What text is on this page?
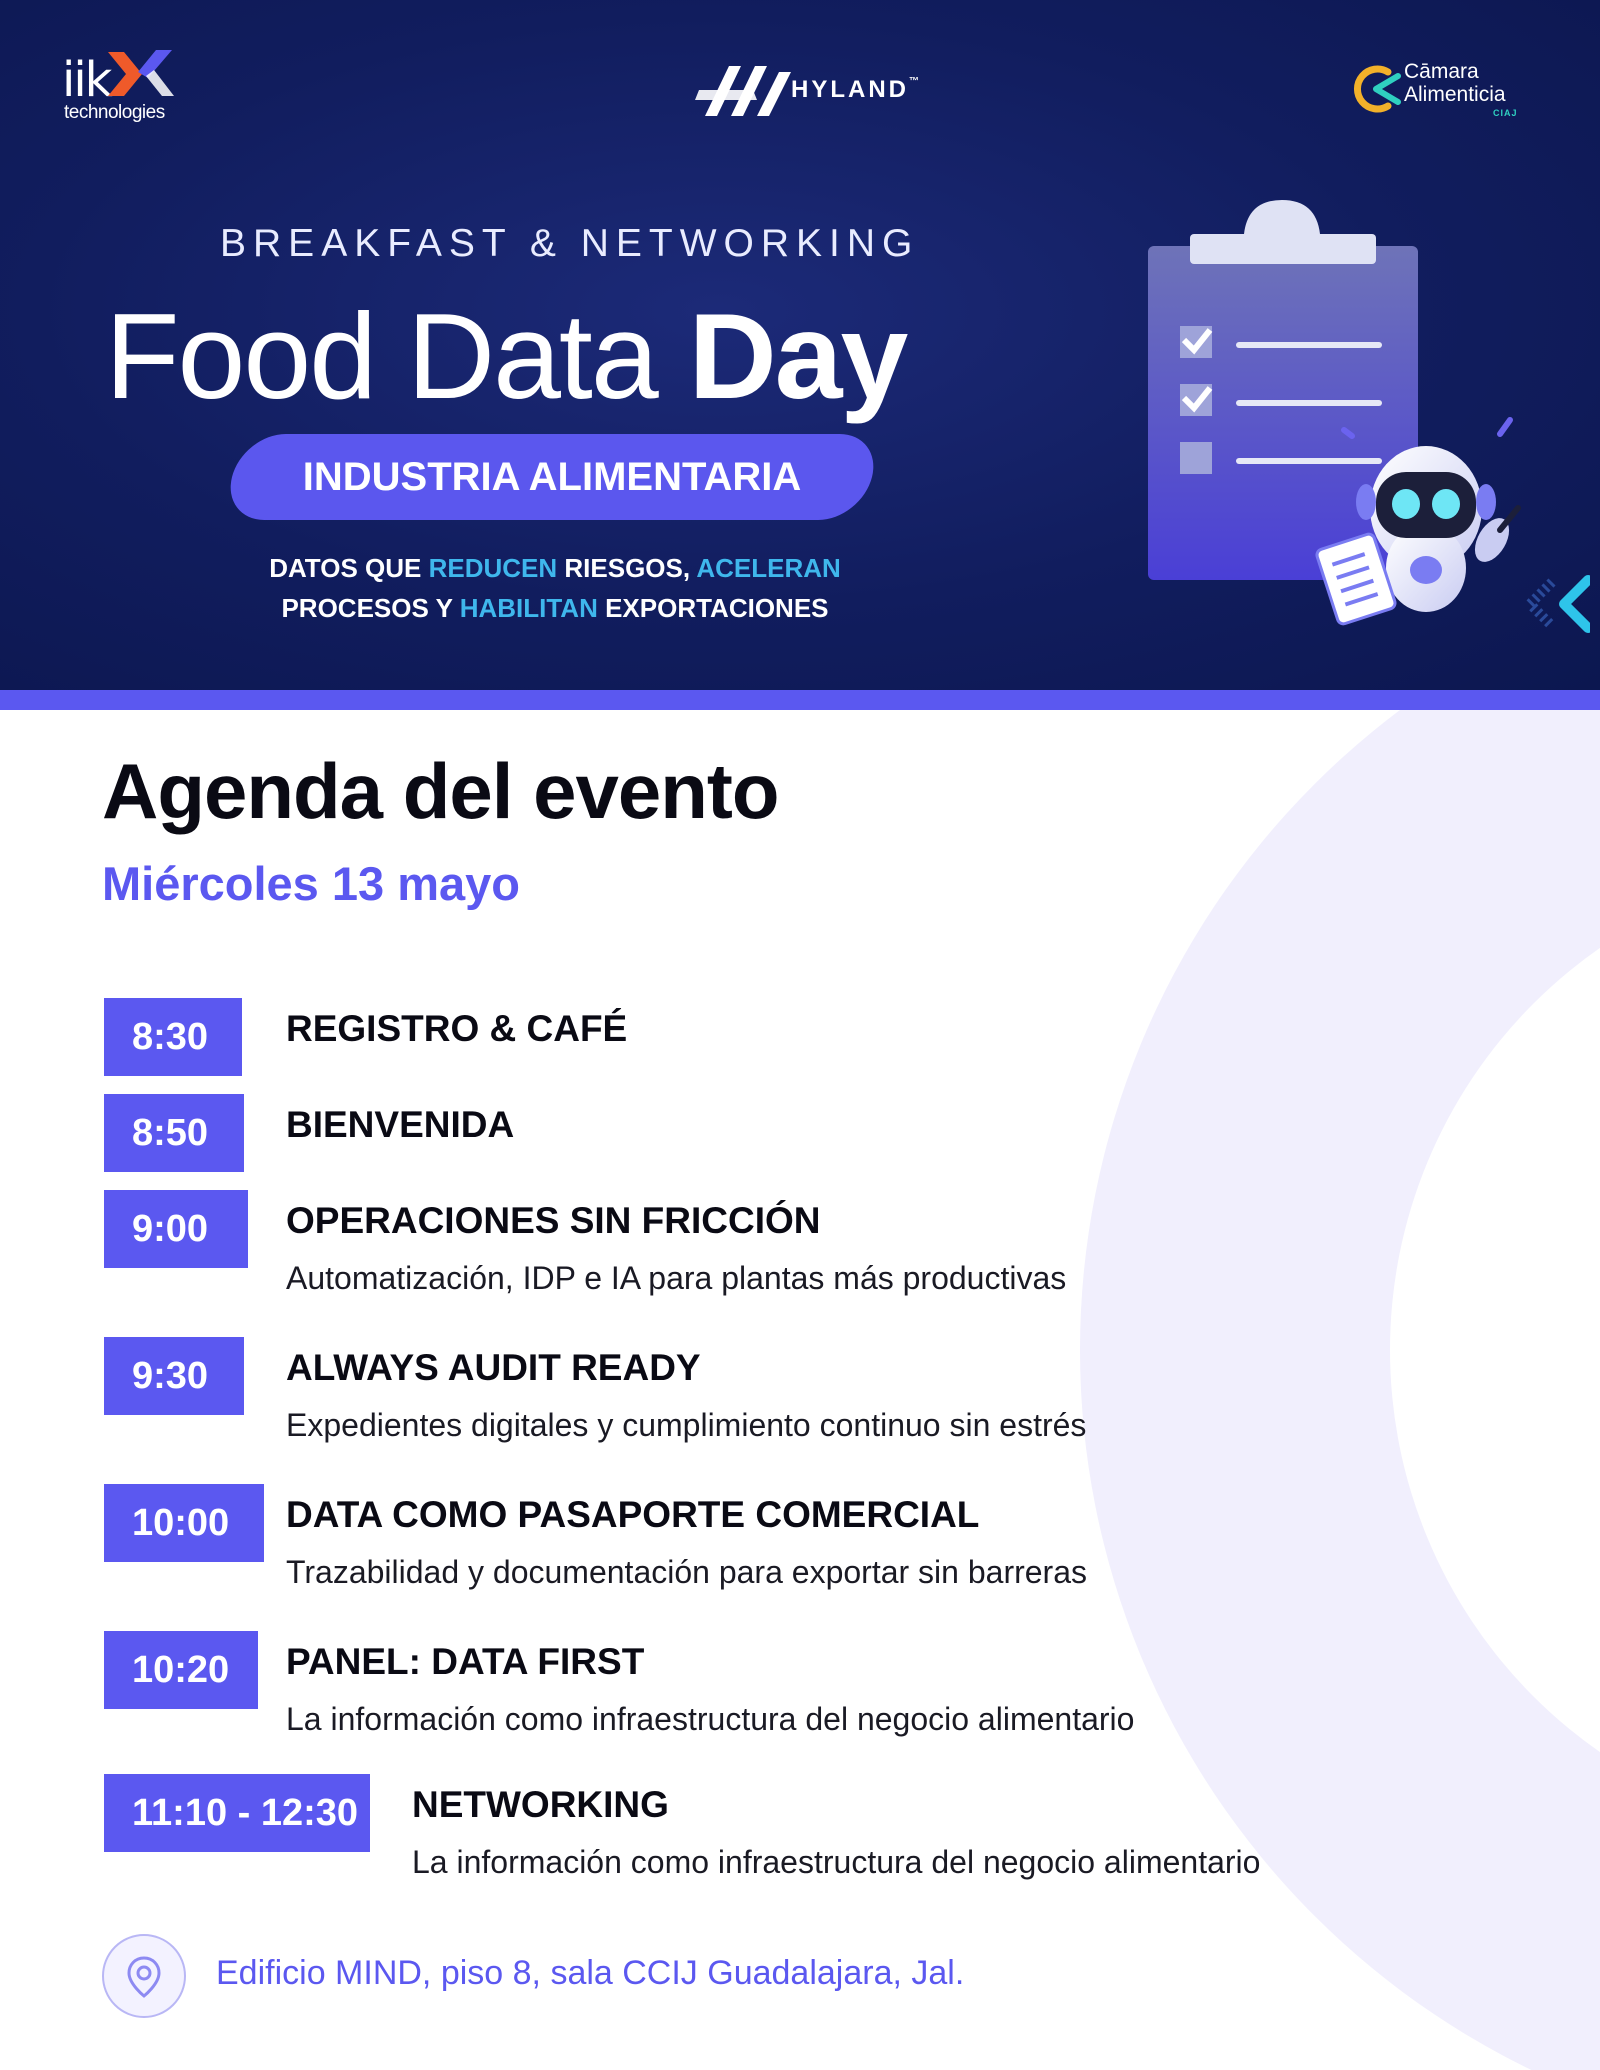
iik
technologies
HYLAND™	Cāmara
Alimenticia
CIAJ
BREAKFAST & NETWORKING
Food Data Day
INDUSTRIA ALIMENTARIA
DATOS QUE REDUCEN RIESGOS, ACELERAN
PROCESOS Y HABILITAN EXPORTACIONES
Agenda del evento
Miércoles 13 mayo
8:30	REGISTRO & CAFÉ
8:50	BIENVENIDA
9:00	OPERACIONES SIN FRICCIÓN
Automatización, IDP e IA para plantas más productivas
9:30	ALWAYS AUDIT READY
Expedientes digitales y cumplimiento continuo sin estrés
10:00	DATA COMO PASAPORTE COMERCIAL
Trazabilidad y documentación para exportar sin barreras
10:20	PANEL: DATA FIRST
La información como infraestructura del negocio alimentario
11:10 - 12:30	NETWORKING
La información como infraestructura del negocio alimentario
Edificio MIND, piso 8, sala CCIJ Guadalajara, Jal.
